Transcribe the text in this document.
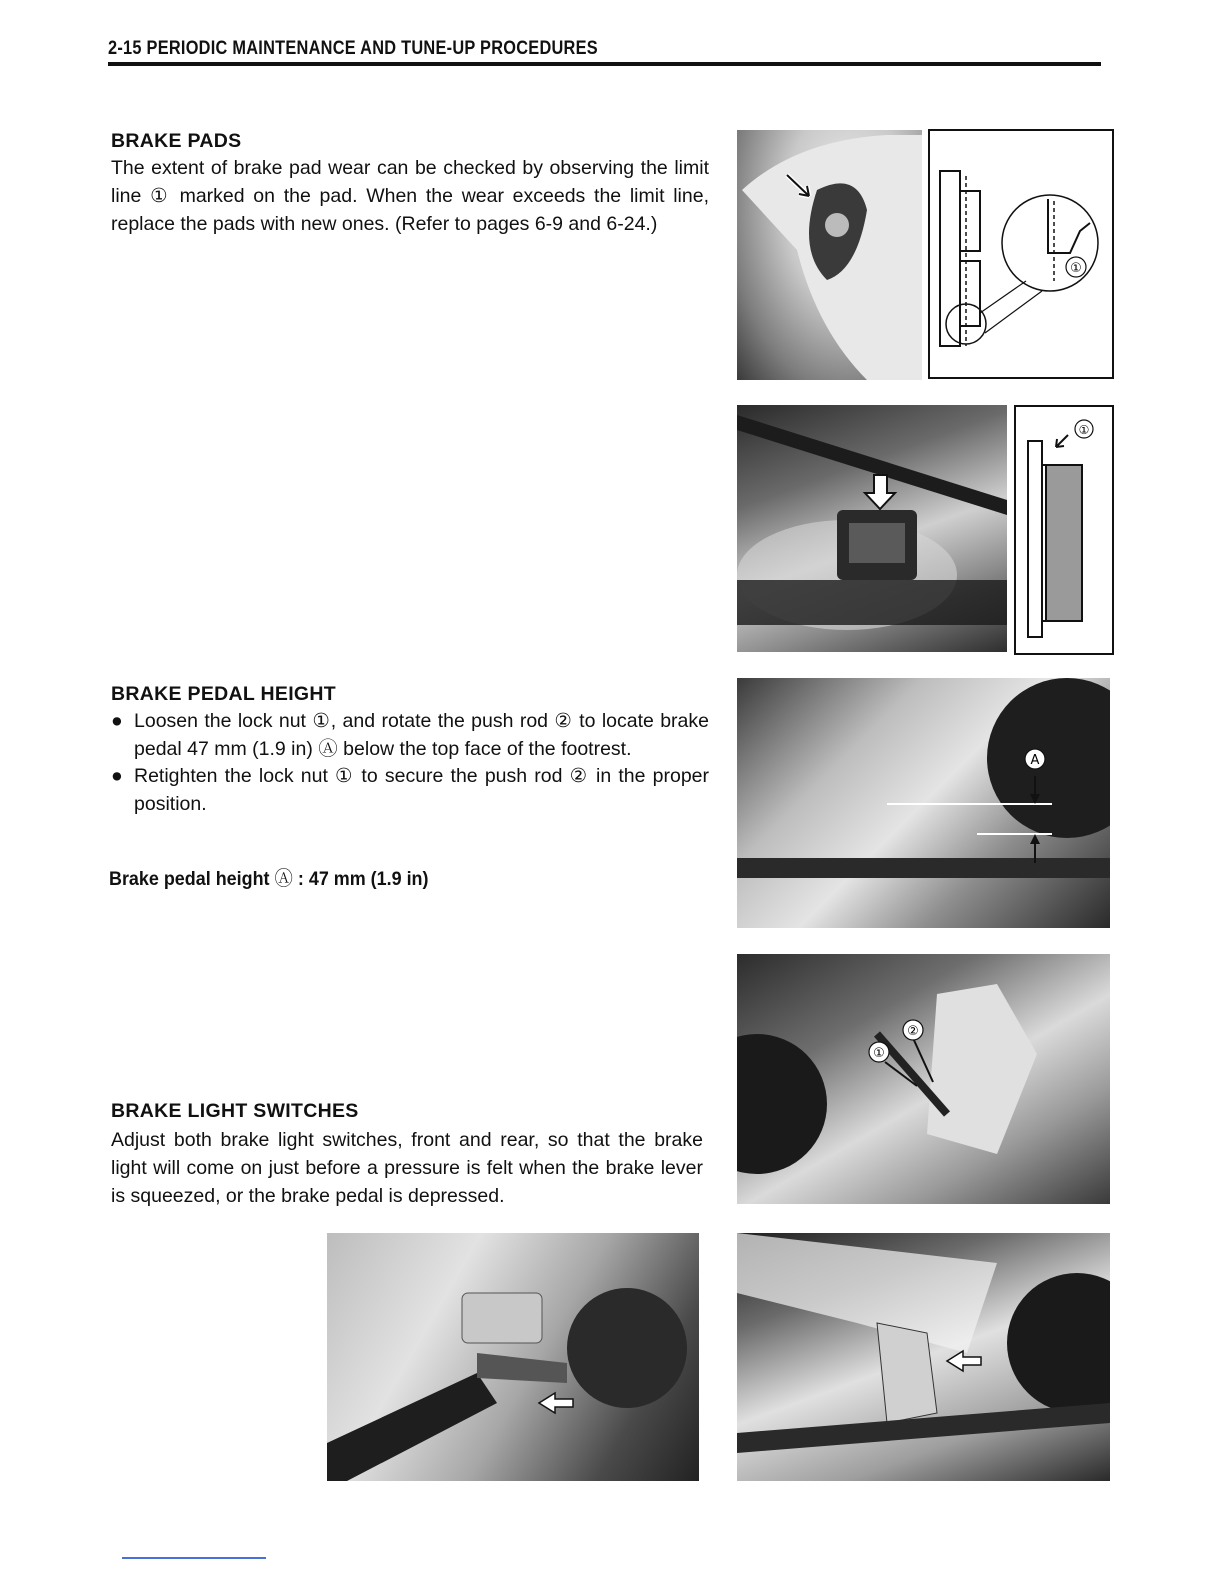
2-15 PERIODIC MAINTENANCE AND TUNE-UP PROCEDURES
BRAKE PADS
The extent of brake pad wear can be checked by observing the limit line ① marked on the pad. When the wear exceeds the limit line, replace the pads with new ones. (Refer to pages 6-9 and 6-24.)
BRAKE PEDAL HEIGHT
● Loosen the lock nut ①, and rotate the push rod ② to locate brake pedal 47 mm (1.9 in) Ⓐ below the top face of the footrest.
● Retighten the lock nut ① to secure the push rod ② in the proper position.
Brake pedal height Ⓐ : 47 mm (1.9 in)
BRAKE LIGHT SWITCHES
Adjust both brake light switches, front and rear, so that the brake light will come on just before a pressure is felt when the brake lever is squeezed, or the brake pedal is depressed.
①
①
A
②
①
